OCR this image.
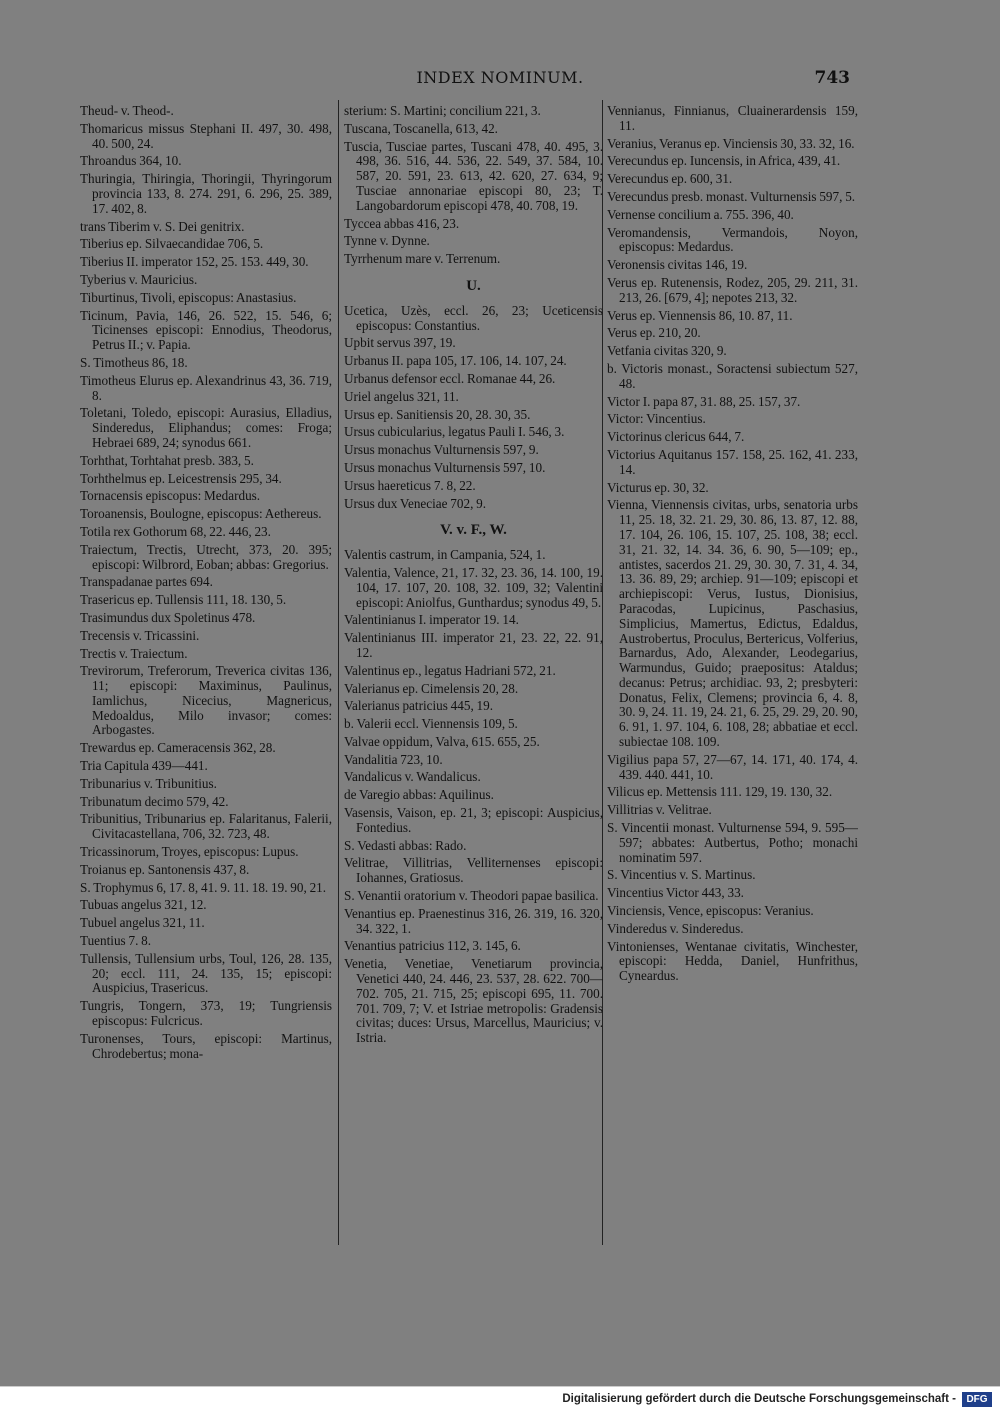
INDEX NOMINUM.	743

Theud- v. Theod-.

Thomaricus missus Stephani II. 497, 30. 498, 40. 500, 24.

Throandus 364, 10.

Thuringia, Thiringia, Thoringii, Thyringorum provincia 133, 8. 274. 291, 6. 296, 25. 389, 17. 402, 8.

trans Tiberim v. S. Dei genitrix.

Tiberius ep. Silvaecandidae 706, 5.

Tiberius II. imperator 152, 25. 153. 449, 30.

Tyberius v. Mauricius.

Tiburtinus, Tivoli, episcopus: Anastasius.

Ticinum, Pavia, 146, 26. 522, 15. 546, 6; Ticinenses episcopi: Ennodius, Theodorus, Petrus II.; v. Papia.

S. Timotheus 86, 18.

Timotheus Elurus ep. Alexandrinus 43, 36. 719, 8.

Toletani, Toledo, episcopi: Aurasius, Elladius, Sinderedus, Eliphandus; comes: Froga; Hebraei 689, 24; synodus 661.

Torhthat, Torhtahat presb. 383, 5.

Torhthelmus ep. Leicestrensis 295, 34.

Tornacensis episcopus: Medardus.

Toroanensis, Boulogne, episcopus: Aethereus.

Totila rex Gothorum 68, 22. 446, 23.

Traiectum, Trectis, Utrecht, 373, 20. 395; episcopi: Wilbrord, Eoban; abbas: Gregorius.

Transpadanae partes 694.

Trasericus ep. Tullensis 111, 18. 130, 5.

Trasimundus dux Spoletinus 478.

Trecensis v. Tricassini.

Trectis v. Traiectum.

Trevirorum, Treferorum, Treverica civitas 136, 11; episcopi: Maximinus, Paulinus, Iamlichus, Nicecius, Magnericus, Medoaldus, Milo invasor; comes: Arbogastes.

Trewardus ep. Cameracensis 362, 28.

Tria Capitula 439—441.

Tribunarius v. Tribunitius.

Tribunatum decimo 579, 42.

Tribunitius, Tribunarius ep. Falaritanus, Falerii, Civitacastellana, 706, 32. 723, 48.

Tricassinorum, Troyes, episcopus: Lupus.

Troianus ep. Santonensis 437, 8.

S. Trophymus 6, 17. 8, 41. 9. 11. 18. 19. 90, 21.

Tubuas angelus 321, 12.

Tubuel angelus 321, 11.

Tuentius 7. 8.

Tullensis, Tullensium urbs, Toul, 126, 28. 135, 20; eccl. 111, 24. 135, 15; episcopi: Auspicius, Trasericus.

Tungris, Tongern, 373, 19; Tungriensis episcopus: Fulcricus.

Turonenses, Tours, episcopi: Martinus, Chrodebertus; mona-

sterium: S. Martini; concilium 221, 3.

Tuscana, Toscanella, 613, 42.

Tuscia, Tusciae partes, Tuscani 478, 40. 495, 3. 498, 36. 516, 44. 536, 22. 549, 37. 584, 10. 587, 20. 591, 23. 613, 42. 620, 27. 634, 9; Tusciae annonariae episcopi 80, 23; T. Langobardorum episcopi 478, 40. 708, 19.

Tyccea abbas 416, 23.

Tynne v. Dynne.

Tyrrhenum mare v. Terrenum.

U.

Ucetica, Uzès, eccl. 26, 23; Uceticensis episcopus: Constantius.

Upbit servus 397, 19.

Urbanus II. papa 105, 17. 106, 14. 107, 24.

Urbanus defensor eccl. Romanae 44, 26.

Uriel angelus 321, 11.

Ursus ep. Sanitiensis 20, 28. 30, 35.

Ursus cubicularius, legatus Pauli I. 546, 3.

Ursus monachus Vulturnensis 597, 9.

Ursus monachus Vulturnensis 597, 10.

Ursus haereticus 7. 8, 22.

Ursus dux Veneciae 702, 9.

V. v. F., W.

Valentis castrum, in Campania, 524, 1.

Valentia, Valence, 21, 17. 32, 23. 36, 14. 100, 19. 104, 17. 107, 20. 108, 32. 109, 32; Valentini episcopi: Aniolfus, Gunthardus; synodus 49, 5.

Valentinianus I. imperator 19. 14.

Valentinianus III. imperator 21, 23. 22, 22. 91, 12.

Valentinus ep., legatus Hadriani 572, 21.

Valerianus ep. Cimelensis 20, 28.

Valerianus patricius 445, 19.

b. Valerii eccl. Viennensis 109, 5.

Valvae oppidum, Valva, 615. 655, 25.

Vandalitia 723, 10.

Vandalicus v. Wandalicus.

de Varegio abbas: Aquilinus.

Vasensis, Vaison, ep. 21, 3; episcopi: Auspicius, Fontedius.

S. Vedasti abbas: Rado.

Velitrae, Villitrias, Velliternenses episcopi: Iohannes, Gratiosus.

S. Venantii oratorium v. Theodori papae basilica.

Venantius ep. Praenestinus 316, 26. 319, 16. 320, 34. 322, 1.

Venantius patricius 112, 3. 145, 6.

Venetia, Venetiae, Venetiarum provincia, Venetici 440, 24. 446, 23. 537, 28. 622. 700—702. 705, 21. 715, 25; episcopi 695, 11. 700. 701. 709, 7; V. et Istriae metropolis: Gradensis civitas; duces: Ursus, Marcellus, Mauricius; v. Istria.

Vennianus, Finnianus, Cluainerardensis 159, 11.

Veranius, Veranus ep. Vinciensis 30, 33. 32, 16.

Verecundus ep. Iuncensis, in Africa, 439, 41.

Verecundus ep. 600, 31.

Verecundus presb. monast. Vulturnensis 597, 5.

Vernense concilium a. 755. 396, 40.

Veromandensis, Vermandois, Noyon, episcopus: Medardus.

Veronensis civitas 146, 19.

Verus ep. Rutenensis, Rodez, 205, 29. 211, 31. 213, 26. [679, 4]; nepotes 213, 32.

Verus ep. Viennensis 86, 10. 87, 11.

Verus ep. 210, 20.

Vetfania civitas 320, 9.

b. Victoris monast., Soractensi subiectum 527, 48.

Victor I. papa 87, 31. 88, 25. 157, 37.

Victor: Vincentius.

Victorinus clericus 644, 7.

Victorius Aquitanus 157. 158, 25. 162, 41. 233, 14.

Victurus ep. 30, 32.

Vienna, Viennensis civitas, urbs, senatoria urbs 11, 25. 18, 32. 21. 29, 30. 86, 13. 87, 12. 88, 17. 104, 26. 106, 15. 107, 25. 108, 38; eccl. 31, 21. 32, 14. 34. 36, 6. 90, 5—109; ep., antistes, sacerdos 21. 29, 30. 30, 7. 31, 4. 34, 13. 36. 89, 29; archiep. 91—109; episcopi et archiepiscopi: Verus, Iustus, Dionisius, Paracodas, Lupicinus, Paschasius, Simplicius, Mamertus, Edictus, Edaldus, Austrobertus, Proculus, Bertericus, Volferius, Barnardus, Ado, Alexander, Leodegarius, Warmundus, Guido; praepositus: Ataldus; decanus: Petrus; archidiac. 93, 2; presbyteri: Donatus, Felix, Clemens; provincia 6, 4. 8, 30. 9, 24. 11. 19, 24. 21, 6. 25, 29. 29, 20. 90, 6. 91, 1. 97. 104, 6. 108, 28; abbatiae et eccl. subiectae 108. 109.

Vigilius papa 57, 27—67, 14. 171, 40. 174, 4. 439. 440. 441, 10.

Vilicus ep. Mettensis 111. 129, 19. 130, 32.

Villitrias v. Velitrae.

S. Vincentii monast. Vulturnense 594, 9. 595—597; abbates: Autbertus, Potho; monachi nominatim 597.

S. Vincentius v. S. Martinus.

Vincentius Victor 443, 33.

Vinciensis, Vence, episcopus: Veranius.

Vinderedus v. Sinderedus.

Vintonienses, Wentanae civitatis, Winchester, episcopi: Hedda, Daniel, Hunfrithus, Cyneardus.

Digitalisierung gefördert durch die Deutsche Forschungsgemeinschaft -	DFG
